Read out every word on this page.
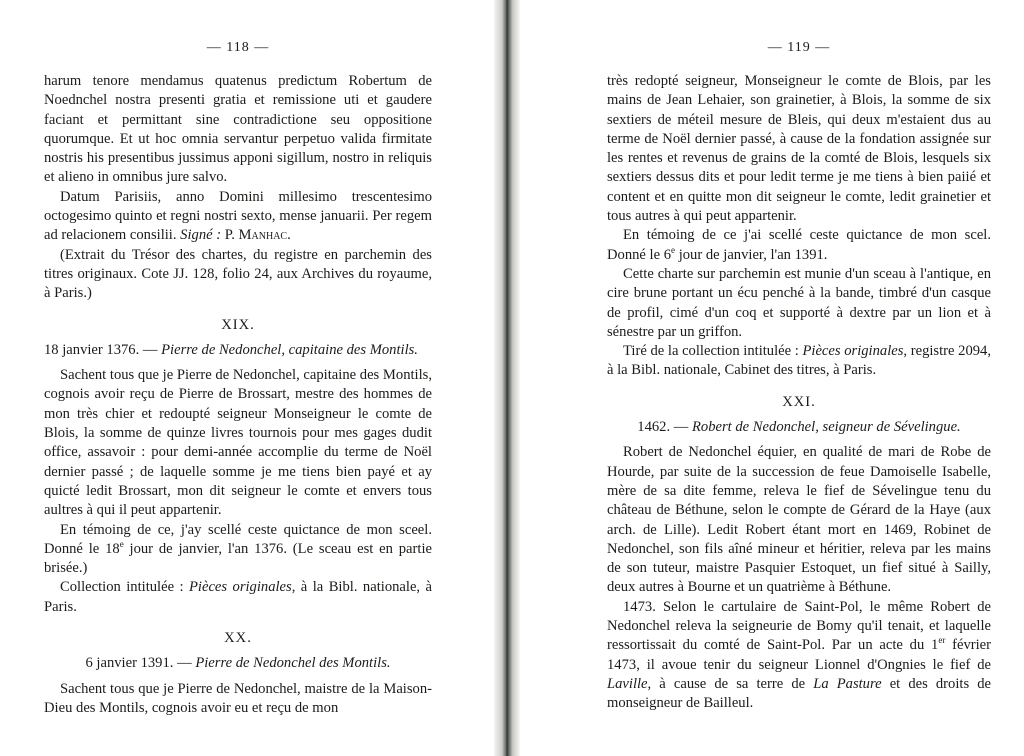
— 118 —

harum tenore mendamus quatenus predictum Robertum de Noednchel nostra presenti gratia et remissione uti et gaudere faciant et permittant sine contradictione seu oppositione quorumque. Et ut hoc omnia servantur perpetuo valida firmitate nostris his presentibus jussimus apponi sigillum, nostro in reliquis et alieno in omnibus jure salvo.

Datum Parisiis, anno Domini millesimo trescentesimo octogesimo quinto et regni nostri sexto, mense januarii. Per regem ad relacionem consilii. Signé : P. Manhac.

(Extrait du Trésor des chartes, du registre en parchemin des titres originaux. Cote JJ. 128, folio 24, aux Archives du royaume, à Paris.)

XIX.

18 janvier 1376. — Pierre de Nedonchel, capitaine des Montils.

Sachent tous que je Pierre de Nedonchel, capitaine des Montils, cognois avoir reçu de Pierre de Brossart, mestre des hommes de mon très chier et redoupté seigneur Monseigneur le comte de Blois, la somme de quinze livres tournois pour mes gages dudit office, assavoir : pour demi-année accomplie du terme de Noël dernier passé ; de laquelle somme je me tiens bien payé et ay quicté ledit Brossart, mon dit seigneur le comte et envers tous aultres à qui il peut appartenir.

En témoing de ce, j'ay scellé ceste quictance de mon sceel. Donné le 18e jour de janvier, l'an 1376. (Le sceau est en partie brisée.)

Collection intitulée : Pièces originales, à la Bibl. nationale, à Paris.

XX.

6 janvier 1391. — Pierre de Nedonchel des Montils.

Sachent tous que je Pierre de Nedonchel, maistre de la Maison-Dieu des Montils, cognois avoir eu et reçu de mon

— 119 —

très redopté seigneur, Monseigneur le comte de Blois, par les mains de Jean Lehaier, son grainetier, à Blois, la somme de six sextiers de méteil mesure de Bleis, qui deux m'estaient dus au terme de Noël dernier passé, à cause de la fondation assignée sur les rentes et revenus de grains de la comté de Blois, lesquels six sextiers dessus dits et pour ledit terme je me tiens à bien paiié et content et en quitte mon dit seigneur le comte, ledit grainetier et tous autres à qui peut appartenir.

En témoing de ce j'ai scellé ceste quictance de mon scel. Donné le 6e jour de janvier, l'an 1391.

Cette charte sur parchemin est munie d'un sceau à l'antique, en cire brune portant un écu penché à la bande, timbré d'un casque de profil, cimé d'un coq et supporté à dextre par un lion et à sénestre par un griffon.

Tiré de la collection intitulée : Pièces originales, registre 2094, à la Bibl. nationale, Cabinet des titres, à Paris.

XXI.

1462. — Robert de Nedonchel, seigneur de Sévelingue.

Robert de Nedonchel équier, en qualité de mari de Robe de Hourde, par suite de la succession de feue Damoiselle Isabelle, mère de sa dite femme, releva le fief de Sévelingue tenu du château de Béthune, selon le compte de Gérard de la Haye (aux arch. de Lille). Ledit Robert étant mort en 1469, Robinet de Nedonchel, son fils aîné mineur et héritier, releva par les mains de son tuteur, maistre Pasquier Estoquet, un fief situé à Sailly, deux autres à Bourne et un quatrième à Béthune.

1473. Selon le cartulaire de Saint-Pol, le même Robert de Nedonchel releva la seigneurie de Bomy qu'il tenait, et laquelle ressortissait du comté de Saint-Pol. Par un acte du 1er février 1473, il avoue tenir du seigneur Lionnel d'Ongnies le fief de Laville, à cause de sa terre de La Pasture et des droits de monseigneur de Bailleul.
